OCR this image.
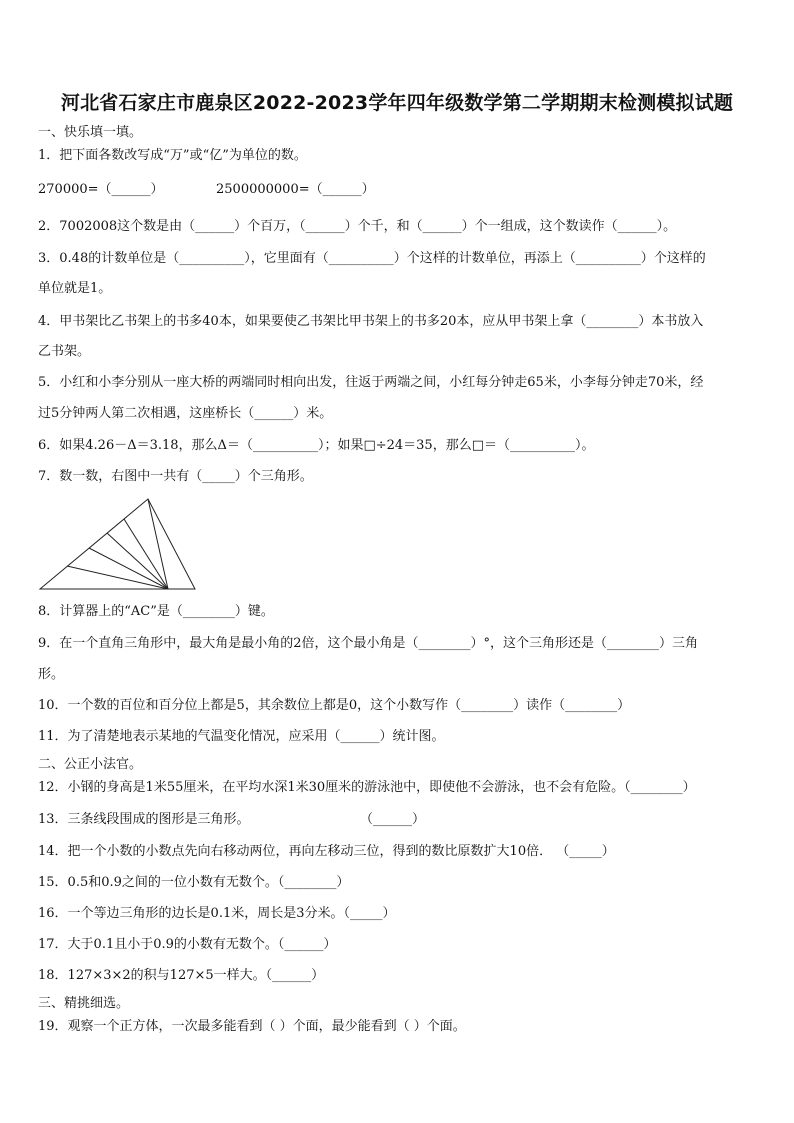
河北省石家庄市鹿泉区2022-2023学年四年级数学第二学期期末检测模拟试题
一、快乐填一填。
1．把下面各数改写成“万”或“亿”为单位的数。
270000=（______）	2500000000=（______）
2．7002008这个数是由（______）个百万，（______）个千，和（______）个一组成，这个数读作（______）。
3．0.48的计数单位是（__________），它里面有（__________）个这样的计数单位，再添上（__________）个这样的
单位就是1。
4．甲书架比乙书架上的书多40本，如果要使乙书架比甲书架上的书多20本，应从甲书架上拿（________）本书放入
乙书架。
5．小红和小李分别从一座大桥的两端同时相向出发，往返于两端之间，小红每分钟走65米，小李每分钟走70米，经
过5分钟两人第二次相遇，这座桥长（______）米。
6．如果4.26－Δ＝3.18，那么Δ＝（__________）；如果□÷24＝35，那么□＝（__________）。
7．数一数，右图中一共有（_____）个三角形。
8．计算器上的“AC”是（________）键。
9．在一个直角三角形中，最大角是最小角的2倍，这个最小角是（________）°，这个三角形还是（________）三角
形。
10．一个数的百位和百分位上都是5，其余数位上都是0，这个小数写作（________）读作（________）
11．为了清楚地表示某地的气温变化情况，应采用（______）统计图。
二、公正小法官。
12．小钢的身高是1米55厘米，在平均水深1米30厘米的游泳池中，即使他不会游泳，也不会有危险。（________）
13．三条线段围成的图形是三角形。	（______）
14．把一个小数的小数点先向右移动两位，再向左移动三位，得到的数比原数扩大10倍． （_____）
15．0.5和0.9之间的一位小数有无数个。（________）
16．一个等边三角形的边长是0.1米，周长是3分米。（_____）
17．大于0.1且小于0.9的小数有无数个。（______）
18．127×3×2的积与127×5一样大。（______）
三、精挑细选。
19．观察一个正方体，一次最多能看到（ ）个面，最少能看到（ ）个面。
